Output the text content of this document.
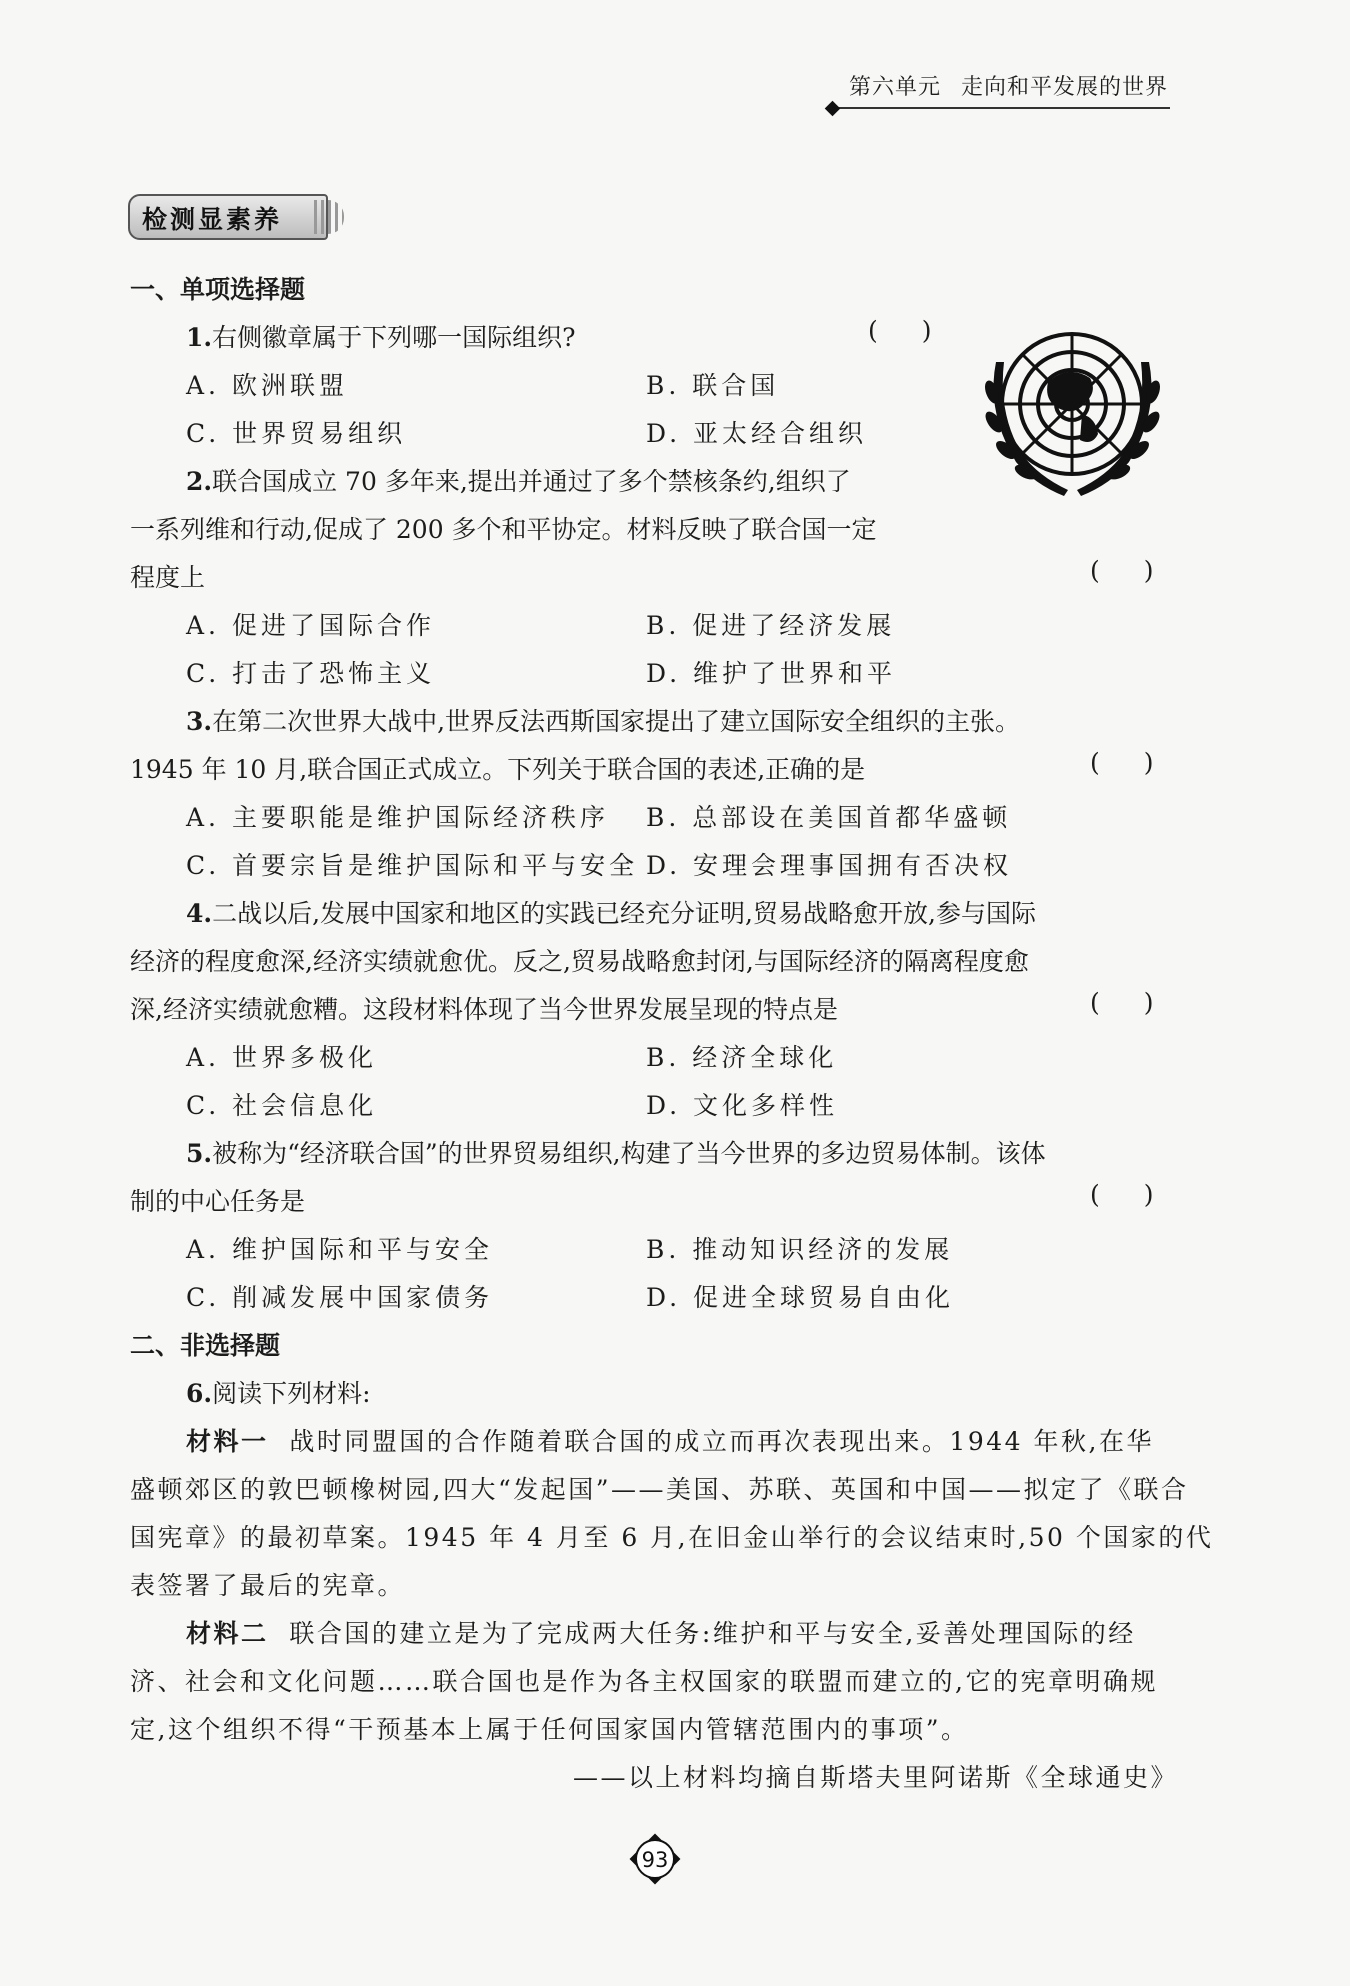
第六单元 走向和平发展的世界
检测显素养
一、单项选择题
1.右侧徽章属于下列哪一国际组织?	( )
A. 欧洲联盟	B. 联合国
C. 世界贸易组织	D. 亚太经合组织
2.联合国成立 70 多年来,提出并通过了多个禁核条约,组织了
一系列维和行动,促成了 200 多个和平协定。材料反映了联合国一定
程度上	( )
A. 促进了国际合作	B. 促进了经济发展
C. 打击了恐怖主义	D. 维护了世界和平
3.在第二次世界大战中,世界反法西斯国家提出了建立国际安全组织的主张。
1945 年 10 月,联合国正式成立。下列关于联合国的表述,正确的是	( )
A. 主要职能是维护国际经济秩序 B. 总部设在美国首都华盛顿
C. 首要宗旨是维护国际和平与安全 D. 安理会理事国拥有否决权
4.二战以后,发展中国家和地区的实践已经充分证明,贸易战略愈开放,参与国际
经济的程度愈深,经济实绩就愈优。反之,贸易战略愈封闭,与国际经济的隔离程度愈
深,经济实绩就愈糟。这段材料体现了当今世界发展呈现的特点是	( )
A. 世界多极化	B. 经济全球化
C. 社会信息化	D. 文化多样性
5.被称为“经济联合国”的世界贸易组织,构建了当今世界的多边贸易体制。该体
制的中心任务是	( )
A. 维护国际和平与安全	B. 推动知识经济的发展
C. 削减发展中国家债务	D. 促进全球贸易自由化
二、非选择题
6.阅读下列材料:
材料一 战时同盟国的合作随着联合国的成立而再次表现出来。1944 年秋,在华
盛顿郊区的敦巴顿橡树园,四大“发起国”——美国、苏联、英国和中国——拟定了《联合
国宪章》的最初草案。1945 年 4 月至 6 月,在旧金山举行的会议结束时,50 个国家的代
表签署了最后的宪章。
材料二 联合国的建立是为了完成两大任务:维护和平与安全,妥善处理国际的经
济、社会和文化问题……联合国也是作为各主权国家的联盟而建立的,它的宪章明确规
定,这个组织不得“干预基本上属于任何国家国内管辖范围内的事项”。
——以上材料均摘自斯塔夫里阿诺斯《全球通史》
93
